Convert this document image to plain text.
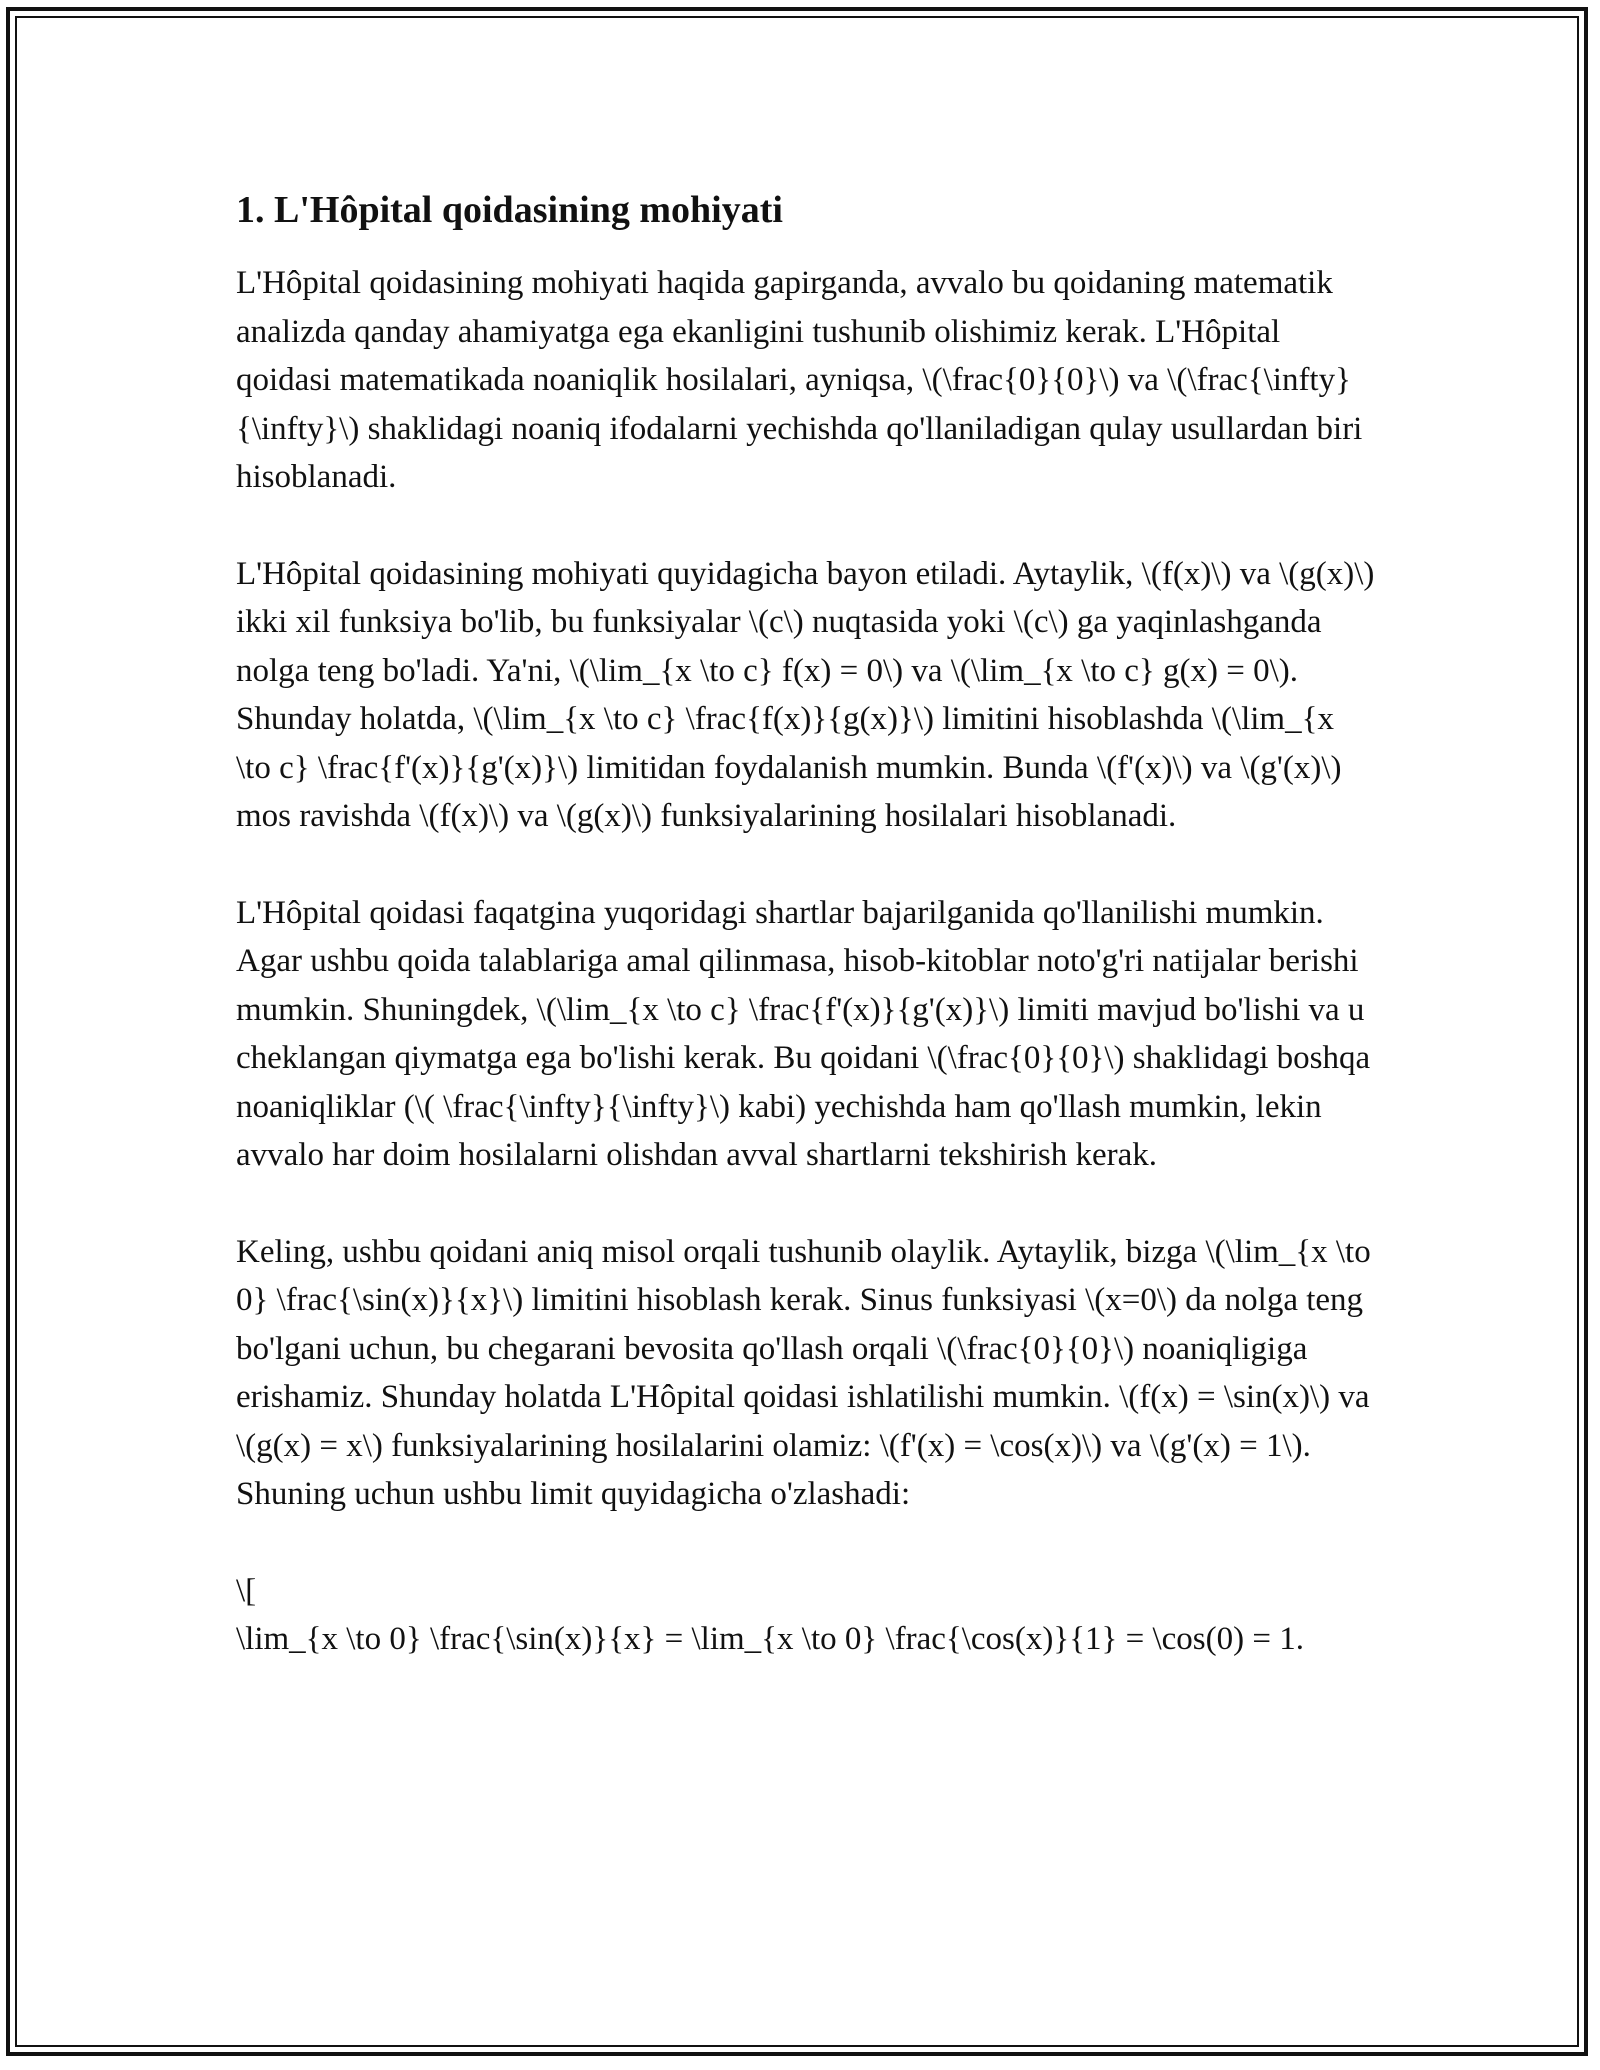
1. L'Hôpital qoidasining mohiyati

L'Hôpital qoidasining mohiyati haqida gapirganda, avvalo bu qoidaning matematik analizda qanday ahamiyatga ega ekanligini tushunib olishimiz kerak. L'Hôpital qoidasi matematikada noaniqlik hosilalari, ayniqsa, \(\frac{0}{0}\) va \(\frac{\infty}{\infty}\) shaklidagi noaniq ifodalarni yechishda qo'llaniladigan qulay usullardan biri hisoblanadi.

L'Hôpital qoidasining mohiyati quyidagicha bayon etiladi. Aytaylik, \(f(x)\) va \(g(x)\) ikki xil funksiya bo'lib, bu funksiyalar \(c\) nuqtasida yoki \(c\) ga yaqinlashganda nolga teng bo'ladi. Ya'ni, \(\lim_{x \to c} f(x) = 0\) va \(\lim_{x \to c} g(x) = 0\). Shunday holatda, \(\lim_{x \to c} \frac{f(x)}{g(x)}\) limitini hisoblashda \(\lim_{x \to c} \frac{f'(x)}{g'(x)}\) limitidan foydalanish mumkin. Bunda \(f'(x)\) va \(g'(x)\) mos ravishda \(f(x)\) va \(g(x)\) funksiyalarining hosilalari hisoblanadi.

L'Hôpital qoidasi faqatgina yuqoridagi shartlar bajarilganida qo'llanilishi mumkin. Agar ushbu qoida talablariga amal qilinmasa, hisob-kitoblar noto'g'ri natijalar berishi mumkin. Shuningdek, \(\lim_{x \to c} \frac{f'(x)}{g'(x)}\) limiti mavjud bo'lishi va u cheklangan qiymatga ega bo'lishi kerak. Bu qoidani \(\frac{0}{0}\) shaklidagi boshqa noaniqliklar (\( \frac{\infty}{\infty}\) kabi) yechishda ham qo'llash mumkin, lekin avvalo har doim hosilalarni olishdan avval shartlarni tekshirish kerak.

Keling, ushbu qoidani aniq misol orqali tushunib olaylik. Aytaylik, bizga \(\lim_{x \to 0} \frac{\sin(x)}{x}\) limitini hisoblash kerak. Sinus funksiyasi \(x=0\) da nolga teng bo'lgani uchun, bu chegarani bevosita qo'llash orqali \(\frac{0}{0}\) noaniqligiga erishamiz. Shunday holatda L'Hôpital qoidasi ishlatilishi mumkin. \(f(x) = \sin(x)\) va \(g(x) = x\) funksiyalarining hosilalarini olamiz: \(f'(x) = \cos(x)\) va \(g'(x) = 1\). Shuning uchun ushbu limit quyidagicha o'zlashadi:

\[
\lim_{x \to 0} \frac{\sin(x)}{x} = \lim_{x \to 0} \frac{\cos(x)}{1} = \cos(0) = 1.
